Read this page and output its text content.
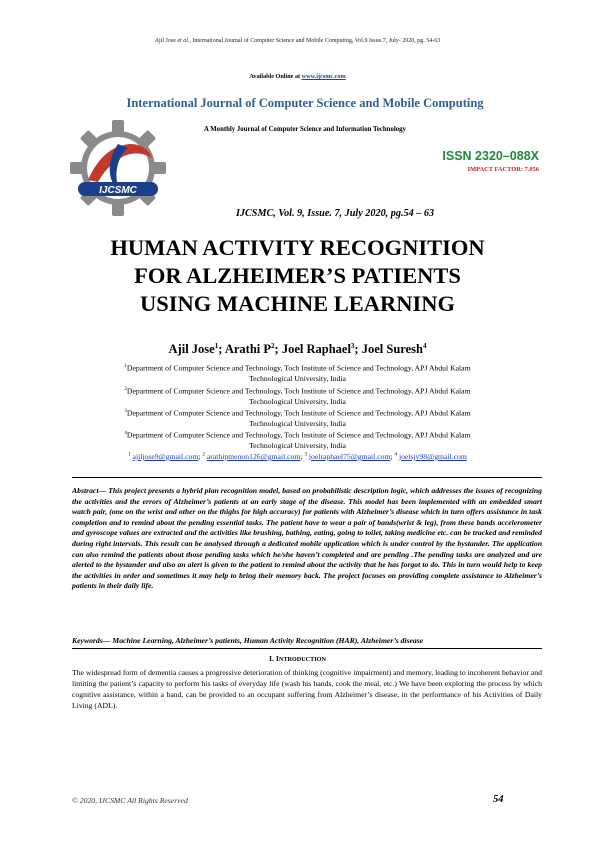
Ajil Jose et al., International Journal of Computer Science and Mobile Computing, Vol.9 Issue.7, July- 2020, pg. 54-63
Available Online at www.ijcsmc.com
International Journal of Computer Science and Mobile Computing
A Monthly Journal of Computer Science and Information Technology
IJCSMC
ISSN 2320–088X
IMPACT FACTOR: 7.056
IJCSMC, Vol. 9, Issue. 7, July 2020, pg.54 – 63
HUMAN ACTIVITY RECOGNITION
FOR ALZHEIMER’S PATIENTS
USING MACHINE LEARNING
Ajil Jose$^1$; Arathi $P^2$; Joel Raphael$^3$; Joel Suresh$^4$
$^1$Department of Computer Science and Technology, Toch Institute of Science and Technology, APJ Abdul Kalam
Technological University, India
$^2$Department of Computer Science and Technology, Toch Institute of Science and Technology, APJ Abdul Kalam
Technological University, India
$^3$Department of Computer Science and Technology, Toch Institute of Science and Technology, APJ Abdul Kalam
Technological University, India
$^4$Department of Computer Science and Technology, Toch Institute of Science and Technology, APJ Abdul Kalam
Technological University, India
$^1$ ajiljose9@gmail.com; $^2$ arathipmenon126@gmail.com; $^3$ joelraphael75@gmail.com; $^4$ joelsjv98@gmail.com
Abstract— This project presents a hybrid plan recognition model, based on probabilistic description logic, which addresses the issues of recognizing the activities and the errors of Alzheimer’s patients at an early stage of the disease. This model has been implemented with an embedded smart watch pair, (one on the wrist and other on the thighs for high accuracy) for patients with Alzheimer’s disease which in turn offers assistance in task completion and to remind about the pending essential tasks. The patient have to wear a pair of bands(wrist & leg), from these bands accelerometer and gyroscope values are extracted and the activities like brushing, bathing, eating, going to toilet, taking medicine etc. can be tracked and reminded during right intervals. This result can be analysed through a dedicated mobile application which is under control by the bystander. The application can also remind the patients about those pending tasks which he/she haven’t completed and are pending .The pending tasks are analyzed and are alerted to the bystander and also an alert is given to the patient to remind about the activity that he has forgot to do. This in turn would help to keep the activities in order and sometimes it may help to bring their memory back. The project focuses on providing complete assistance to Alzheimer’s patients in their daily life.
Keywords— Machine Learning, Alzheimer’s patients, Human Activity Recognition (HAR), Alzheimer’s disease
I. INTRODUCTION
The widespread form of dementia causes a progressive deterioration of thinking (cognitive impairment) and memory, leading to incoherent behavior and limiting the patient’s capacity to perform his tasks of everyday life (wash his hands, cook the meal, etc.) We have been exploring the process by which cognitive assistance, within a band, can be provided to an occupant suffering from Alzheimer’s disease, in the performance of his Activities of Daily Living (ADL).
© 2020, IJCSMC All Rights Reserved	54
